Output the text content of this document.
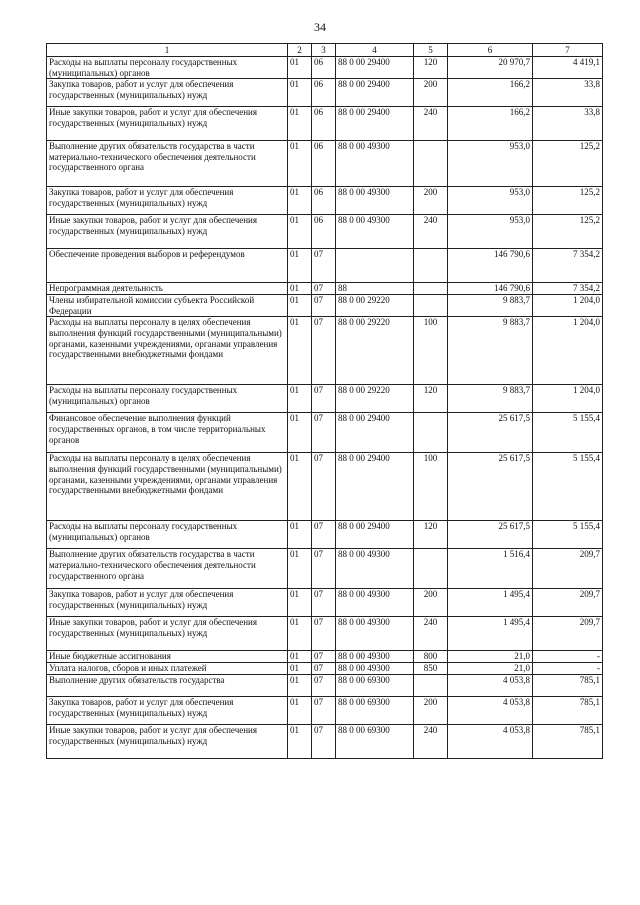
34
1	2	3	4	5	6	7
Расходы на выплаты персоналу государственных (муниципальных) органов	01	06	88 0 00 29400	120	20 970,7	4 419,1
Закупка товаров, работ и услуг для обеспечения государственных (муниципальных) нужд	01	06	88 0 00 29400	200	166,2	33,8
Иные закупки товаров, работ и услуг для обеспечения государственных (муниципальных) нужд	01	06	88 0 00 29400	240	166,2	33,8
Выполнение других обязательств государства в части материально-технического обеспечения деятельности государственного органа	01	06	88 0 00 49300		953,0	125,2
Закупка товаров, работ и услуг для обеспечения государственных (муниципальных) нужд	01	06	88 0 00 49300	200	953,0	125,2
Иные закупки товаров, работ и услуг для обеспечения государственных (муниципальных) нужд	01	06	88 0 00 49300	240	953,0	125,2
Обеспечение проведения выборов и референдумов	01	07			146 790,6	7 354,2
Непрограммная деятельность	01	07	88		146 790,6	7 354,2
Члены избирательной комиссии субъекта Российской Федерации	01	07	88 0 00 29220		9 883,7	1 204,0
Расходы на выплаты персоналу в целях обеспечения выполнения функций государственными (муниципальными) органами, казенными учреждениями, органами управления государственными внебюджетными фондами	01	07	88 0 00 29220	100	9 883,7	1 204,0
Расходы на выплаты персоналу государственных (муниципальных) органов	01	07	88 0 00 29220	120	9 883,7	1 204,0
Финансовое обеспечение выполнения функций государственных органов, в том числе территориальных органов	01	07	88 0 00 29400		25 617,5	5 155,4
Расходы на выплаты персоналу в целях обеспечения выполнения функций государственными (муниципальными) органами, казенными учреждениями, органами управления государственными внебюджетными фондами	01	07	88 0 00 29400	100	25 617,5	5 155,4
Расходы на выплаты персоналу государственных (муниципальных) органов	01	07	88 0 00 29400	120	25 617,5	5 155,4
Выполнение других обязательств государства в части материально-технического обеспечения деятельности государственного органа	01	07	88 0 00 49300		1 516,4	209,7
Закупка товаров, работ и услуг для обеспечения государственных (муниципальных) нужд	01	07	88 0 00 49300	200	1 495,4	209,7
Иные закупки товаров, работ и услуг для обеспечения государственных (муниципальных) нужд	01	07	88 0 00 49300	240	1 495,4	209,7
Иные бюджетные ассигнования	01	07	88 0 00 49300	800	21,0	-
Уплата налогов, сборов и иных платежей	01	07	88 0 00 49300	850	21,0	-
Выполнение других обязательств государства	01	07	88 0 00 69300		4 053,8	785,1
Закупка товаров, работ и услуг для обеспечения государственных (муниципальных) нужд	01	07	88 0 00 69300	200	4 053,8	785,1
Иные закупки товаров, работ и услуг для обеспечения государственных (муниципальных) нужд	01	07	88 0 00 69300	240	4 053,8	785,1
